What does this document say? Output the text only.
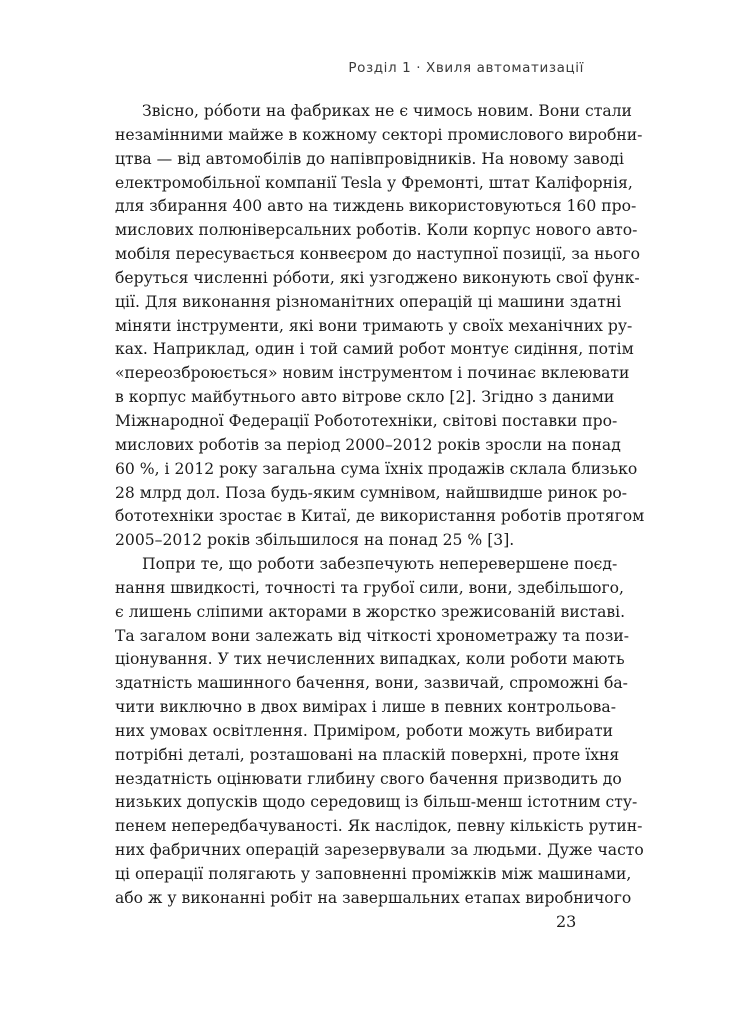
Розділ 1 · Хвиля автоматизації
Звісно, рóботи на фабриках не є чимось новим. Вони стали
незамінними майже в кожному секторі промислового виробни-
цтва — від автомобілів до напівпровідників. На новому заводі
електромобільної компанії Tesla у Фремонті, штат Каліфорнія,
для збирання 400 авто на тиждень використовуються 160 про-
мислових полюніверсальних роботів. Коли корпус нового авто-
мобіля пересувається конвеєром до наступної позиції, за нього
беруться численні рóботи, які узгоджено виконують свої функ-
ції. Для виконання різноманітних операцій ці машини здатні
міняти інструменти, які вони тримають у своїх механічних ру-
ках. Наприклад, один і той самий робот монтує сидіння, потім
«переозброюється» новим інструментом і починає вклеювати
в корпус майбутнього авто вітрове скло [2]. Згідно з даними
Міжнародної Федерації Робототехніки, світові поставки про-
мислових роботів за період 2000–2012 років зросли на понад
60 %, і 2012 року загальна сума їхніх продажів склала близько
28 млрд дол. Поза будь-яким сумнівом, найшвидше ринок ро-
бототехніки зростає в Китаї, де використання роботів протягом
2005–2012 років збільшилося на понад 25 % [3].
Попри те, що роботи забезпечують неперевершене поєд-
нання швидкості, точності та грубої сили, вони, здебільшого,
є лишень сліпими акторами в жорстко зрежисованій виставі.
Та загалом вони залежать від чіткості хронометражу та пози-
ціонування. У тих нечисленних випадках, коли роботи мають
здатність машинного бачення, вони, зазвичай, спроможні ба-
чити виключно в двох вимірах і лише в певних контрольова-
них умовах освітлення. Приміром, роботи можуть вибирати
потрібні деталі, розташовані на пласкій поверхні, проте їхня
нездатність оцінювати глибину свого бачення призводить до
низьких допусків щодо середовищ із більш-менш істотним сту-
пенем непередбачуваності. Як наслідок, певну кількість рутин-
них фабричних операцій зарезервували за людьми. Дуже часто
ці операції полягають у заповненні проміжків між машинами,
або ж у виконанні робіт на завершальних етапах виробничого
23
